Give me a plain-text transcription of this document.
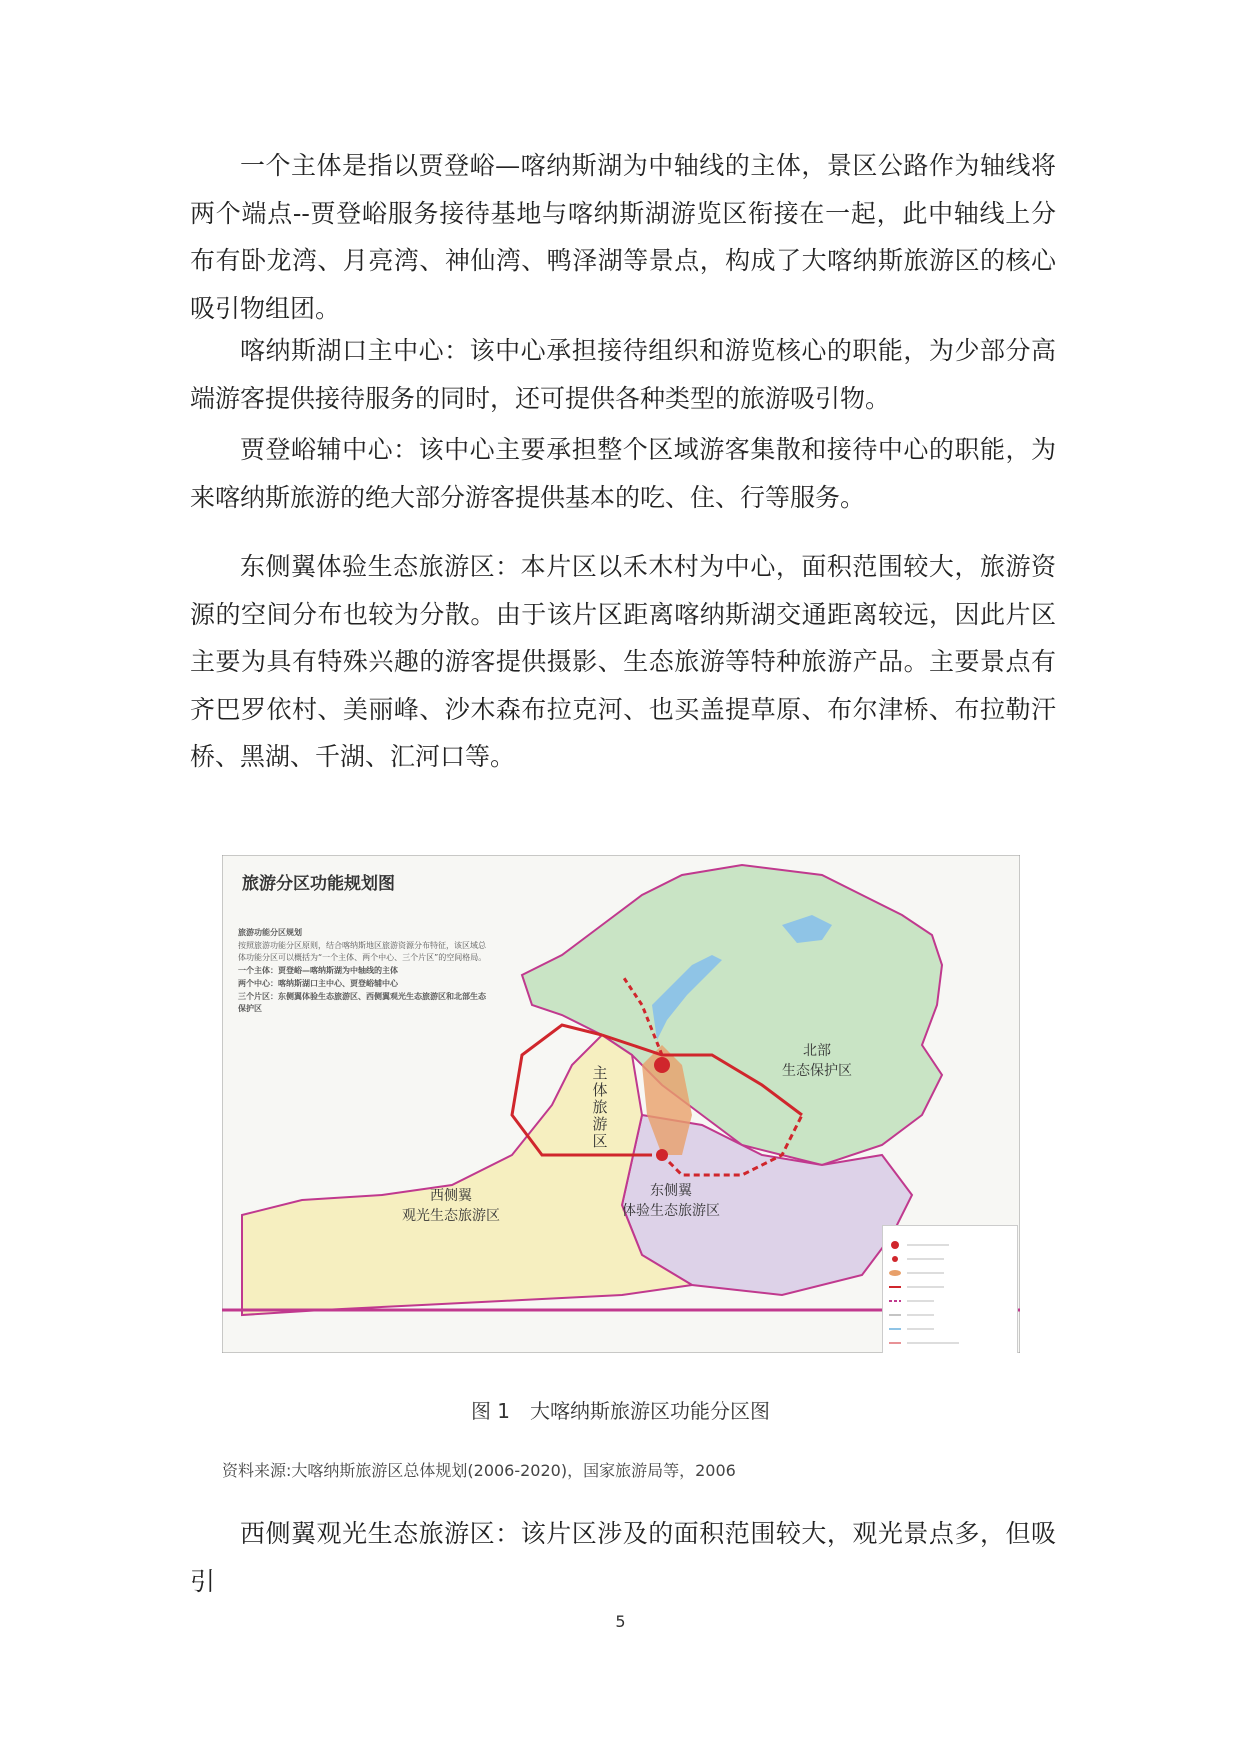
一个主体是指以贾登峪—喀纳斯湖为中轴线的主体，景区公路作为轴线将两个端点--贾登峪服务接待基地与喀纳斯湖游览区衔接在一起，此中轴线上分布有卧龙湾、月亮湾、神仙湾、鸭泽湖等景点，构成了大喀纳斯旅游区的核心吸引物组团。

喀纳斯湖口主中心：该中心承担接待组织和游览核心的职能，为少部分高端游客提供接待服务的同时，还可提供各种类型的旅游吸引物。

贾登峪辅中心：该中心主要承担整个区域游客集散和接待中心的职能，为来喀纳斯旅游的绝大部分游客提供基本的吃、住、行等服务。

东侧翼体验生态旅游区：本片区以禾木村为中心，面积范围较大，旅游资源的空间分布也较为分散。由于该片区距离喀纳斯湖交通距离较远，因此片区主要为具有特殊兴趣的游客提供摄影、生态旅游等特种旅游产品。主要景点有齐巴罗依村、美丽峰、沙木森布拉克河、也买盖提草原、布尔津桥、布拉勒汗桥、黑湖、千湖、汇河口等。

旅游分区功能规划图
旅游功能分区规划
按照旅游功能分区原则，结合喀纳斯地区旅游资源分布特征，该区域总体功能分区可以概括为“一个主体、两个中心、三个片区”的空间格局。
一个主体：贾登峪—喀纳斯湖为中轴线的主体
两个中心：喀纳斯湖口主中心、贾登峪辅中心
三个片区：东侧翼体验生态旅游区、西侧翼观光生态旅游区和北部生态保护区
北部
生态保护区
主体旅游区
西侧翼
观光生态旅游区
东侧翼
体验生态旅游区
图 1　大喀纳斯旅游区功能分区图
资料来源:大喀纳斯旅游区总体规划(2006-2020)，国家旅游局等，2006

西侧翼观光生态旅游区：该片区涉及的面积范围较大，观光景点多，但吸引

5
